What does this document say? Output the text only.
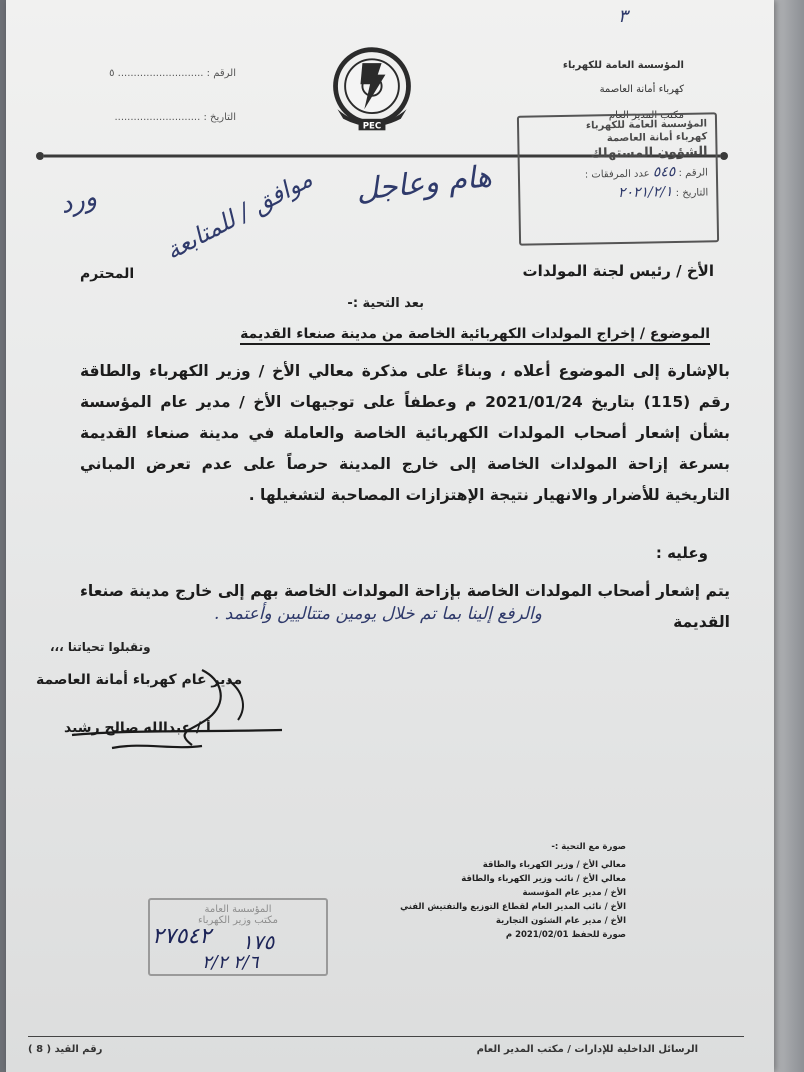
٣
المؤسسة العامة للكهرباء
كهرباء أمانة العاصمة
مكتب المدير العام
الرقم : ........................... ٥
التاريخ : ...........................
PEC	المؤسسة العامة للكهرباء
كهرباء أمانة العاصمة
الشؤون المستهلك
الرقم : ٥٤٥ عدد المرفقات :
التاريخ : ٢٠٢١/٢/١
هام وعاجل
موافق / للمتابعة
ورد
الأخ / رئيس لجنة المولدات
المحترم
بعد التحية :-
الموضوع / إخراج المولدات الكهربائية الخاصة من مدينة صنعاء القديمة
بالإشارة إلى الموضوع أعلاه ، وبناءً على مذكرة معالي الأخ / وزير الكهرباء والطاقة رقم (115) بتاريخ 2021/01/24 م وعطفاً على توجيهات الأخ / مدير عام المؤسسة بشأن إشعار أصحاب المولدات الكهربائية الخاصة والعاملة في مدينة صنعاء القديمة بسرعة إزاحة المولدات الخاصة إلى خارج المدينة حرصاً على عدم تعرض المباني التاريخية للأضرار والانهيار نتيجة الإهتزازات المصاحبة لتشغيلها .
وعليه :
يتم إشعار أصحاب المولدات الخاصة بإزاحة المولدات الخاصة بهم إلى خارج مدينة صنعاء القديمة
والرفع إلينا بما تم خلال يومين متتاليين وأعتمد .
وتقبلوا تحياتنا ،،،
مدير عام كهرباء أمانة العاصمة
أ / عبدالله صالح رشيد
صورة مع التحية :-
معالي الأخ / وزير الكهرباء والطاقة
معالي الأخ / نائب وزير الكهرباء والطاقة
الأخ / مدير عام المؤسسة
الأخ / نائب المدير العام لقطاع التوزيع والتفتيش الفني
الأخ / مدير عام الشئون التجارية
صورة للحفظ 2021/02/01 م
المؤسسة العامة
مكتب وزير الكهرباء
٢٧٥٤٢ ١٧٥
٢/٦ ٢/٢
رقم القيد ( 8 )	الرسائل الداخلية للإدارات / مكتب المدير العام
